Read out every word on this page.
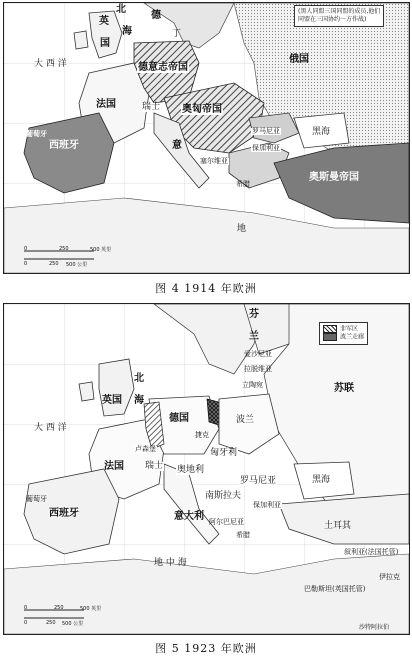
(黑人同盟三国同盟的成员,他们
同盟在三国协约一方作战)
英
国
大 西 洋
德
德意志帝国
俄国
法国	瑞士 奥匈帝国
西班牙
葡萄牙	罗马尼亚
保加利亚
奥斯曼帝国
黑海
塞尔维亚
意
希腊
北
海	丁
地
0	250	500 英里
0	250 500 公里
图 4 1914 年欧洲
非军区
波兰走廊
芬
兰
北
海
英国
大 西 洋
德国
法国 瑞士
卢森堡
奥地利
匈牙利
罗马尼亚
南斯拉夫
保加利亚
意大利
西班牙
葡萄牙
土耳其
希腊
苏联
黑海
波兰
立陶宛
拉脱维亚
爱沙尼亚
捷克
叙利亚(法国托管)
巴勒斯坦(英国托管)
伊拉克
地 中 海
阿尔巴尼亚
0	250	500 英里
0	250 500 公里	沙特阿拉伯
图 5 1923 年欧洲
